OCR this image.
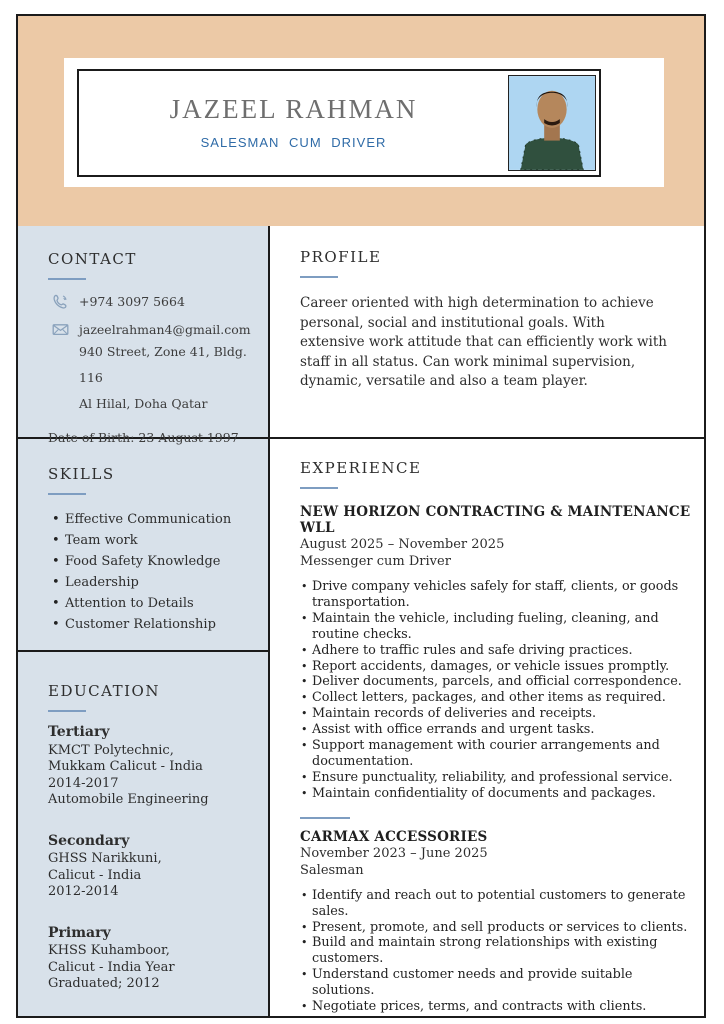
JAZEEL RAHMAN
SALESMAN CUM DRIVER
CONTACT
+974 3097 5664
jazeelrahman4@gmail.com
940 Street, Zone 41, Bldg. 116
Al Hilal, Doha Qatar
Date of Birth: 23 August 1997
SKILLS
• Effective Communication
• Team work
• Food Safety Knowledge
• Leadership
• Attention to Details
• Customer Relationship
EDUCATION
Tertiary
KMCT Polytechnic,
Mukkam Calicut - India
2014-2017
Automobile Engineering
Secondary
GHSS Narikkuni,
Calicut - India
2012-2014
Primary
KHSS Kuhamboor,
Calicut - India Year
Graduated; 2012
PROFILE
Career oriented with high determination to achieve personal, social and institutional goals. With extensive work attitude that can efficiently work with staff in all status. Can work minimal supervision, dynamic, versatile and also a team player.
EXPERIENCE
NEW HORIZON CONTRACTING & MAINTENANCE WLL
August 2025 – November 2025
Messenger cum Driver
• Drive company vehicles safely for staff, clients, or goods transportation.
• Maintain the vehicle, including fueling, cleaning, and routine checks.
• Adhere to traffic rules and safe driving practices.
• Report accidents, damages, or vehicle issues promptly.
• Deliver documents, parcels, and official correspondence.
• Collect letters, packages, and other items as required.
• Maintain records of deliveries and receipts.
• Assist with office errands and urgent tasks.
• Support management with courier arrangements and documentation.
• Ensure punctuality, reliability, and professional service.
• Maintain confidentiality of documents and packages.
CARMAX ACCESSORIES
November 2023 – June 2025
Salesman
• Identify and reach out to potential customers to generate sales.
• Present, promote, and sell products or services to clients.
• Build and maintain strong relationships with existing customers.
• Understand customer needs and provide suitable solutions.
• Negotiate prices, terms, and contracts with clients.
